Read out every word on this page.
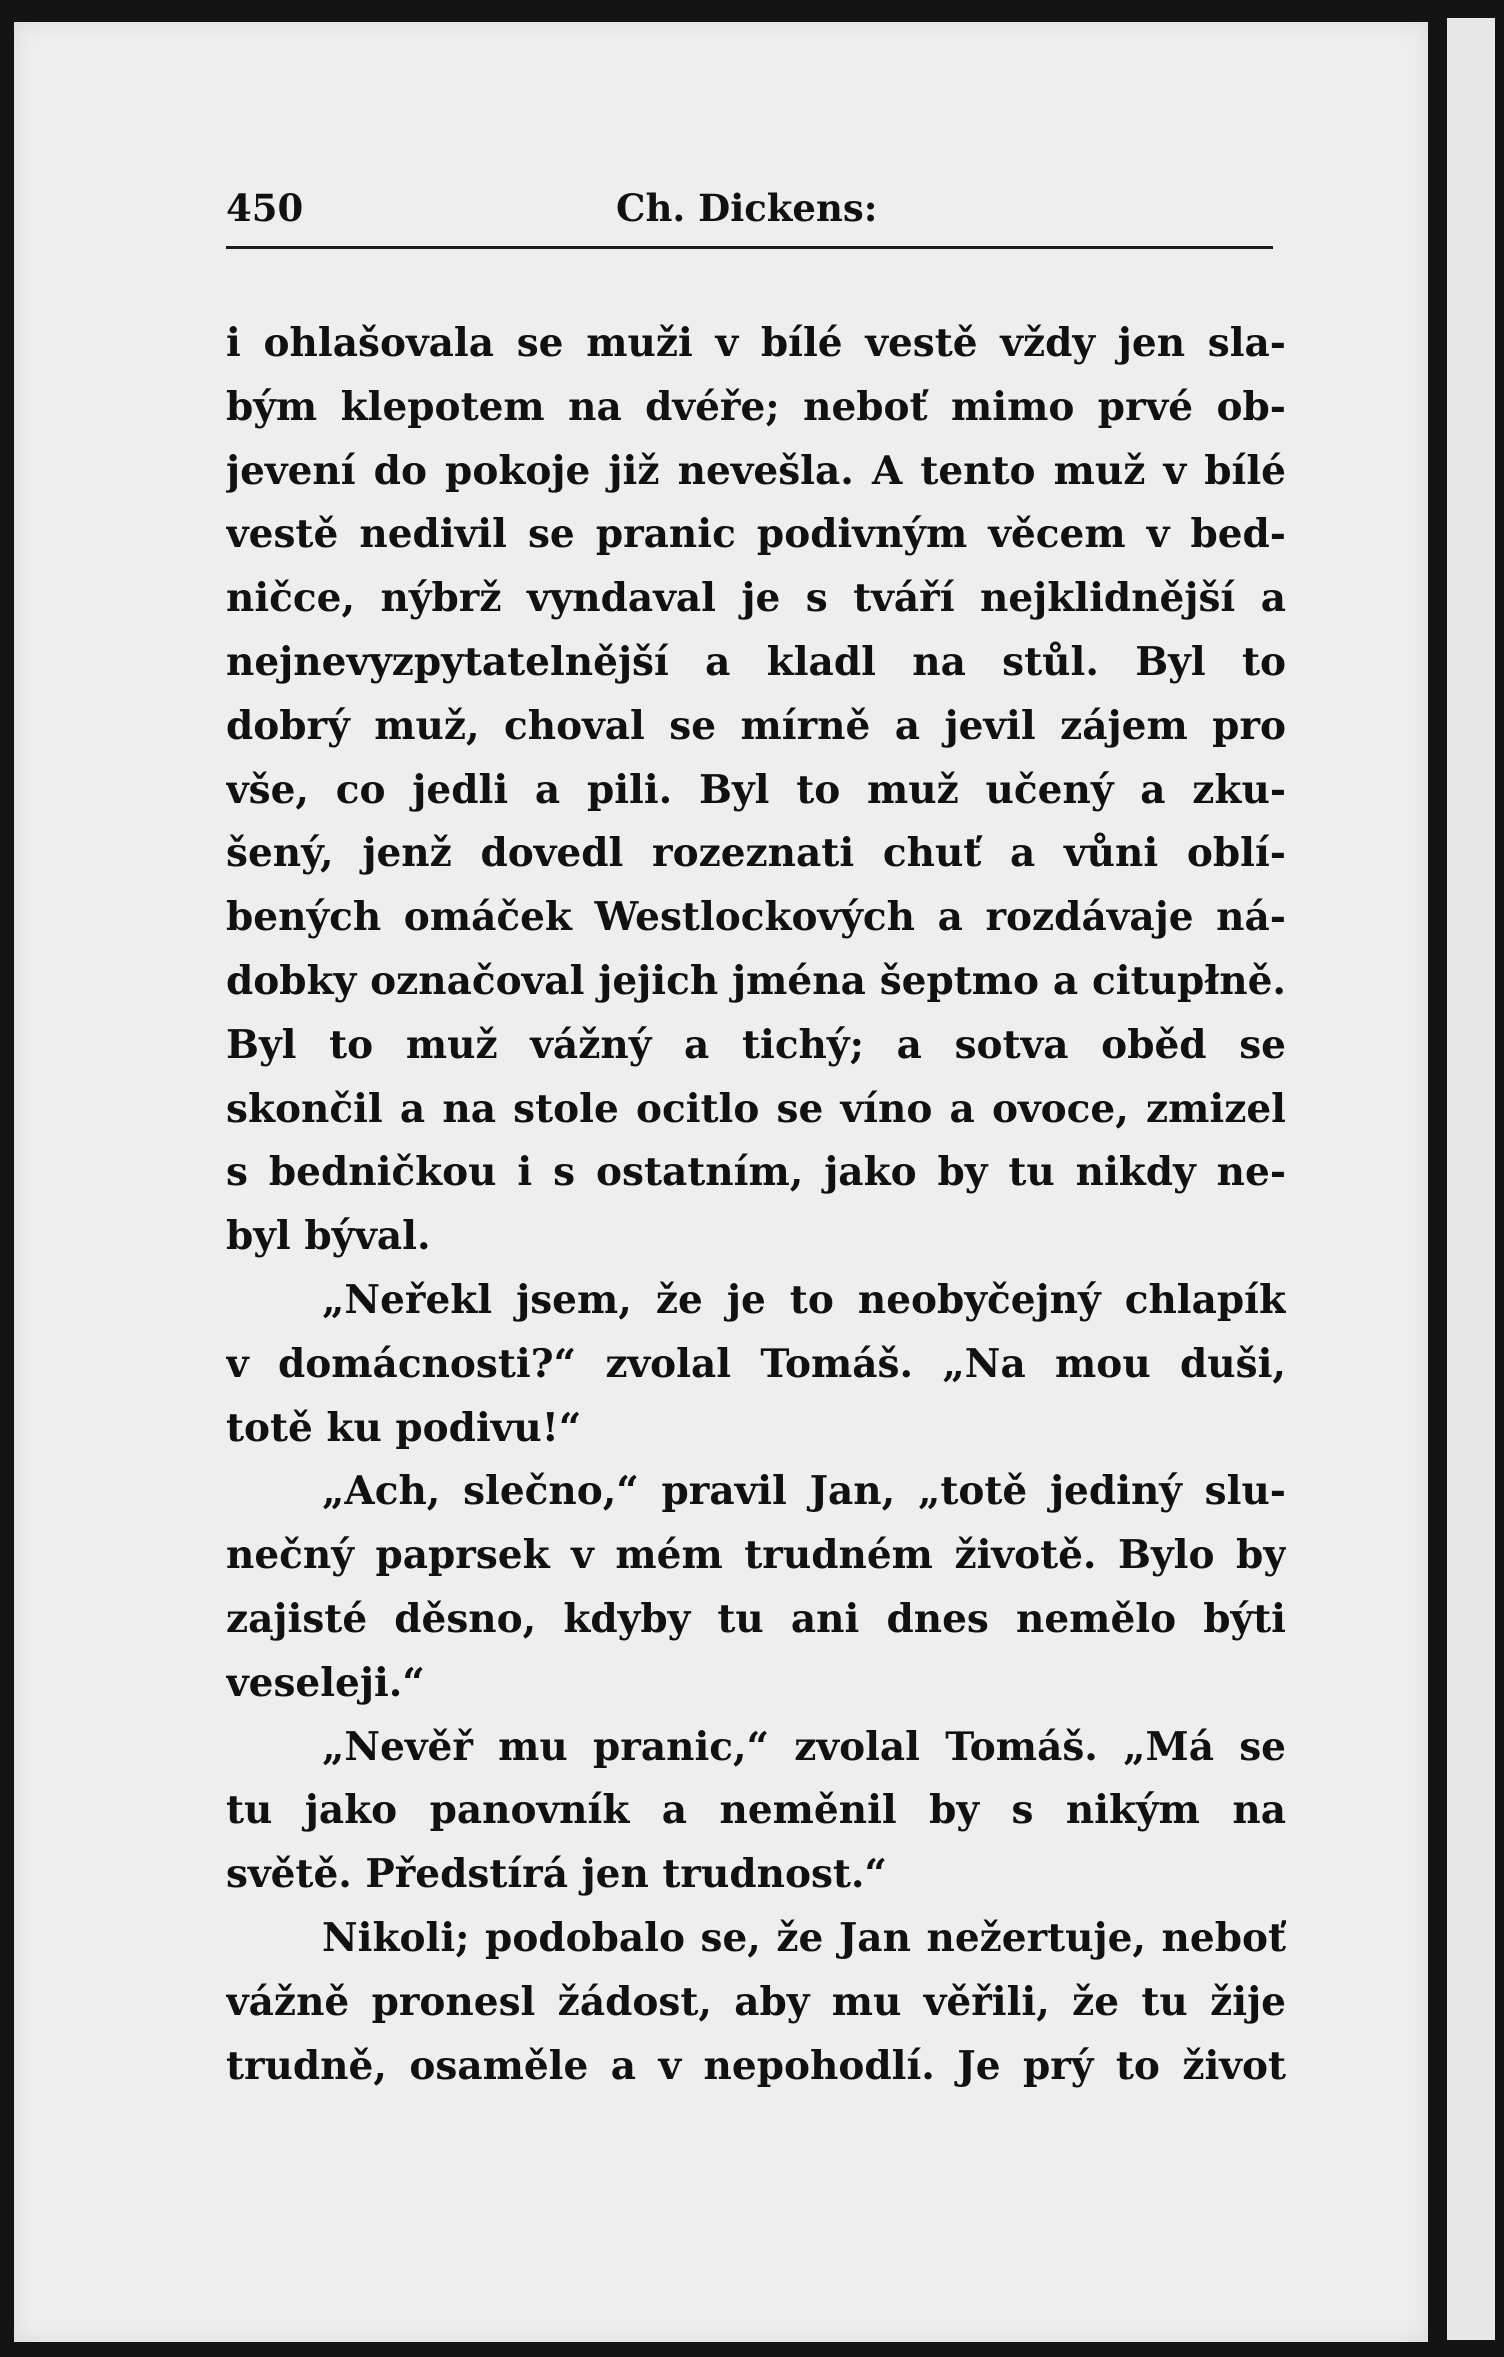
450	Ch. Dickens:
i ohlašovala se muži v bílé vestě vždy jen sla-
bým klepotem na dvéře; neboť mimo prvé ob-
jevení do pokoje již nevešla. A tento muž v bílé
vestě nedivil se pranic podivným věcem v bed-
ničce, nýbrž vyndaval je s tváří nejklidnější a
nejnevyzpytatelnější a kladl na stůl. Byl to
dobrý muž, choval se mírně a jevil zájem pro
vše, co jedli a pili. Byl to muž učený a zku-
šený, jenž dovedl rozeznati chuť a vůni oblí-
bených omáček Westlockových a rozdávaje ná-
dobky označoval jejich jména šeptmo a citupłně.
Byl to muž vážný a tichý; a sotva oběd se
skončil a na stole ocitlo se víno a ovoce, zmizel
s bedničkou i s ostatním, jako by tu nikdy ne-
byl býval.
„Neřekl jsem, že je to neobyčejný chlapík
v domácnosti?“ zvolal Tomáš. „Na mou duši,
totě ku podivu!“
„Ach, slečno,“ pravil Jan, „totě jediný slu-
nečný paprsek v mém trudném životě. Bylo by
zajisté děsno, kdyby tu ani dnes nemělo býti
veseleji.“
„Nevěř mu pranic,“ zvolal Tomáš. „Má se
tu jako panovník a neměnil by s nikým na
světě. Předstírá jen trudnost.“
Nikoli; podobalo se, že Jan nežertuje, neboť
vážně pronesl žádost, aby mu věřili, že tu žije
trudně, osaměle a v nepohodlí. Je prý to život
